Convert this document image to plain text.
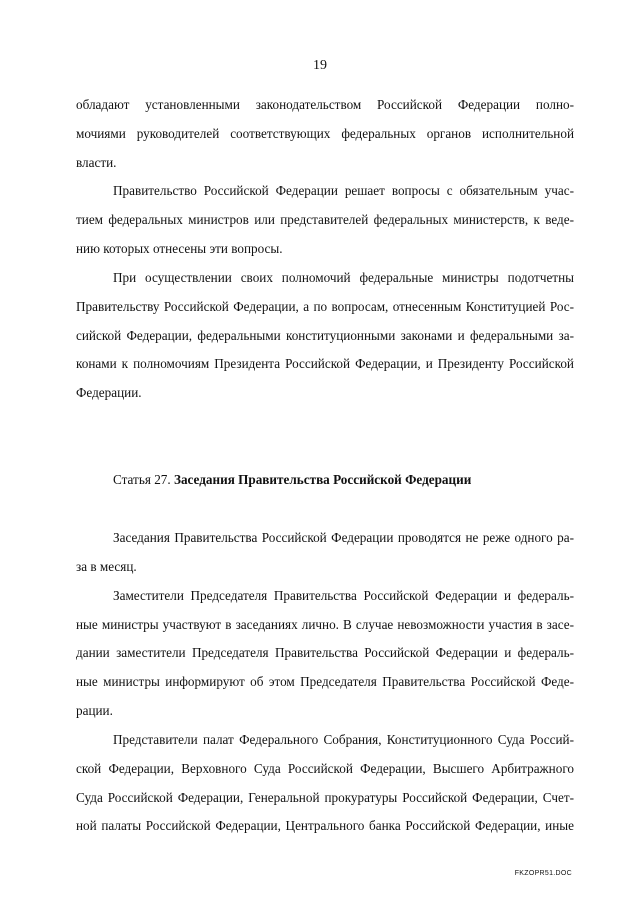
19
обладают установленными законодательством Российской Федерации полно-
мочиями руководителей соответствующих федеральных органов исполнительной
власти.
Правительство Российской Федерации решает вопросы с обязательным учас-
тием федеральных министров или представителей федеральных министерств, к веде-
нию которых отнесены эти вопросы.
При осуществлении своих полномочий федеральные министры подотчетны
Правительству Российской Федерации, а по вопросам, отнесенным Конституцией Рос-
сийской Федерации, федеральными конституционными законами и федеральными за-
конами к полномочиям Президента Российской Федерации, и Президенту Российской
Федерации.
Статья 27. Заседания Правительства Российской Федерации
Заседания Правительства Российской Федерации проводятся не реже одного ра-
за в месяц.
Заместители Председателя Правительства Российской Федерации и федераль-
ные министры участвуют в заседаниях лично. В случае невозможности участия в засе-
дании заместители Председателя Правительства Российской Федерации и федераль-
ные министры информируют об этом Председателя Правительства Российской Феде-
рации.
Представители палат Федерального Собрания, Конституционного Суда Россий-
ской Федерации, Верховного Суда Российской Федерации, Высшего Арбитражного
Суда Российской Федерации, Генеральной прокуратуры Российской Федерации, Счет-
ной палаты Российской Федерации, Центрального банка Российской Федерации, иные
FKZOPR51.DOC
